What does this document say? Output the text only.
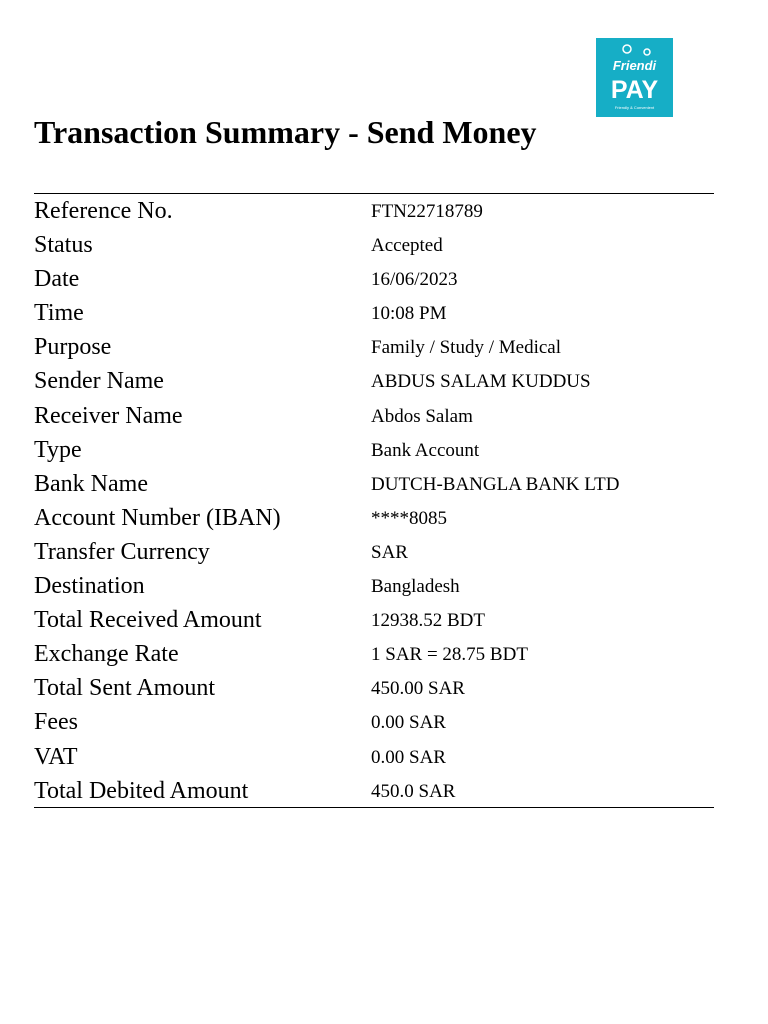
Friendi
PAY
Friendly & Convenient
Transaction Summary - Send Money
Reference No.	FTN22718789
Status	Accepted
Date	16/06/2023
Time	10:08 PM
Purpose	Family / Study / Medical
Sender Name	ABDUS SALAM KUDDUS
Receiver Name	Abdos Salam
Type	Bank Account
Bank Name	DUTCH-BANGLA BANK LTD
Account Number (IBAN)	****8085
Transfer Currency	SAR
Destination	Bangladesh
Total Received Amount	12938.52 BDT
Exchange Rate	1 SAR = 28.75 BDT
Total Sent Amount	450.00 SAR
Fees	0.00 SAR
VAT	0.00 SAR
Total Debited Amount	450.0 SAR
